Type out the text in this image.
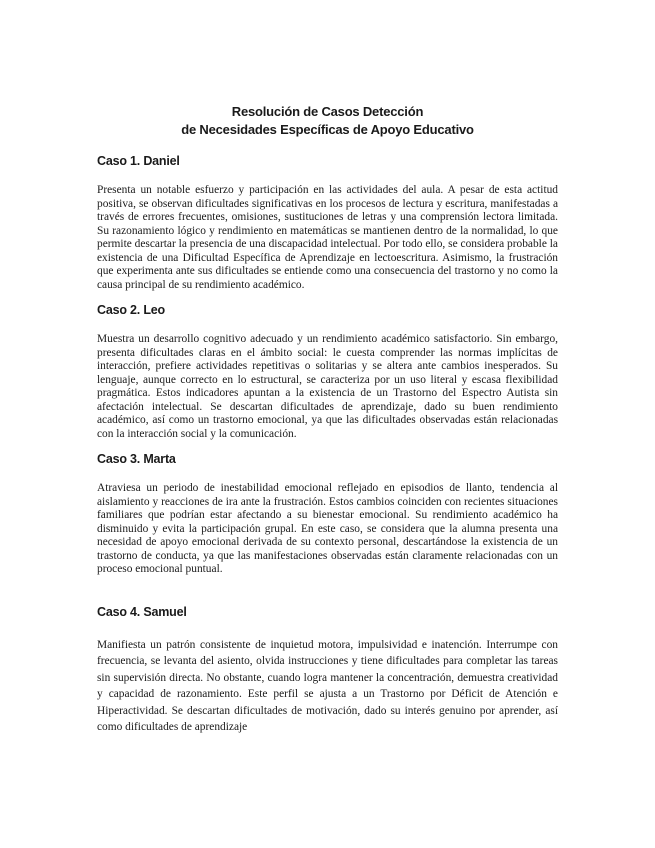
Resolución de Casos Detección
de Necesidades Específicas de Apoyo Educativo
Caso 1. Daniel

Presenta un notable esfuerzo y participación en las actividades del aula. A pesar de esta actitud positiva, se observan dificultades significativas en los procesos de lectura y escritura, manifestadas a través de errores frecuentes, omisiones, sustituciones de letras y una comprensión lectora limitada. Su razonamiento lógico y rendimiento en matemáticas se mantienen dentro de la normalidad, lo que permite descartar la presencia de una discapacidad intelectual. Por todo ello, se considera probable la existencia de una Dificultad Específica de Aprendizaje en lectoescritura. Asimismo, la frustración que experimenta ante sus dificultades se entiende como una consecuencia del trastorno y no como la causa principal de su rendimiento académico.

Caso 2. Leo

Muestra un desarrollo cognitivo adecuado y un rendimiento académico satisfactorio. Sin embargo, presenta dificultades claras en el ámbito social: le cuesta comprender las normas implícitas de interacción, prefiere actividades repetitivas o solitarias y se altera ante cambios inesperados. Su lenguaje, aunque correcto en lo estructural, se caracteriza por un uso literal y escasa flexibilidad pragmática. Estos indicadores apuntan a la existencia de un Trastorno del Espectro Autista sin afectación intelectual. Se descartan dificultades de aprendizaje, dado su buen rendimiento académico, así como un trastorno emocional, ya que las dificultades observadas están relacionadas con la interacción social y la comunicación.

Caso 3. Marta

Atraviesa un periodo de inestabilidad emocional reflejado en episodios de llanto, tendencia al aislamiento y reacciones de ira ante la frustración. Estos cambios coinciden con recientes situaciones familiares que podrían estar afectando a su bienestar emocional. Su rendimiento académico ha disminuido y evita la participación grupal. En este caso, se considera que la alumna presenta una necesidad de apoyo emocional derivada de su contexto personal, descartándose la existencia de un trastorno de conducta, ya que las manifestaciones observadas están claramente relacionadas con un proceso emocional puntual.

Caso 4. Samuel

Manifiesta un patrón consistente de inquietud motora, impulsividad e inatención. Interrumpe con frecuencia, se levanta del asiento, olvida instrucciones y tiene dificultades para completar las tareas sin supervisión directa. No obstante, cuando logra mantener la concentración, demuestra creatividad y capacidad de razonamiento. Este perfil se ajusta a un Trastorno por Déficit de Atención e Hiperactividad. Se descartan dificultades de motivación, dado su interés genuino por aprender, así como dificultades de aprendizaje
